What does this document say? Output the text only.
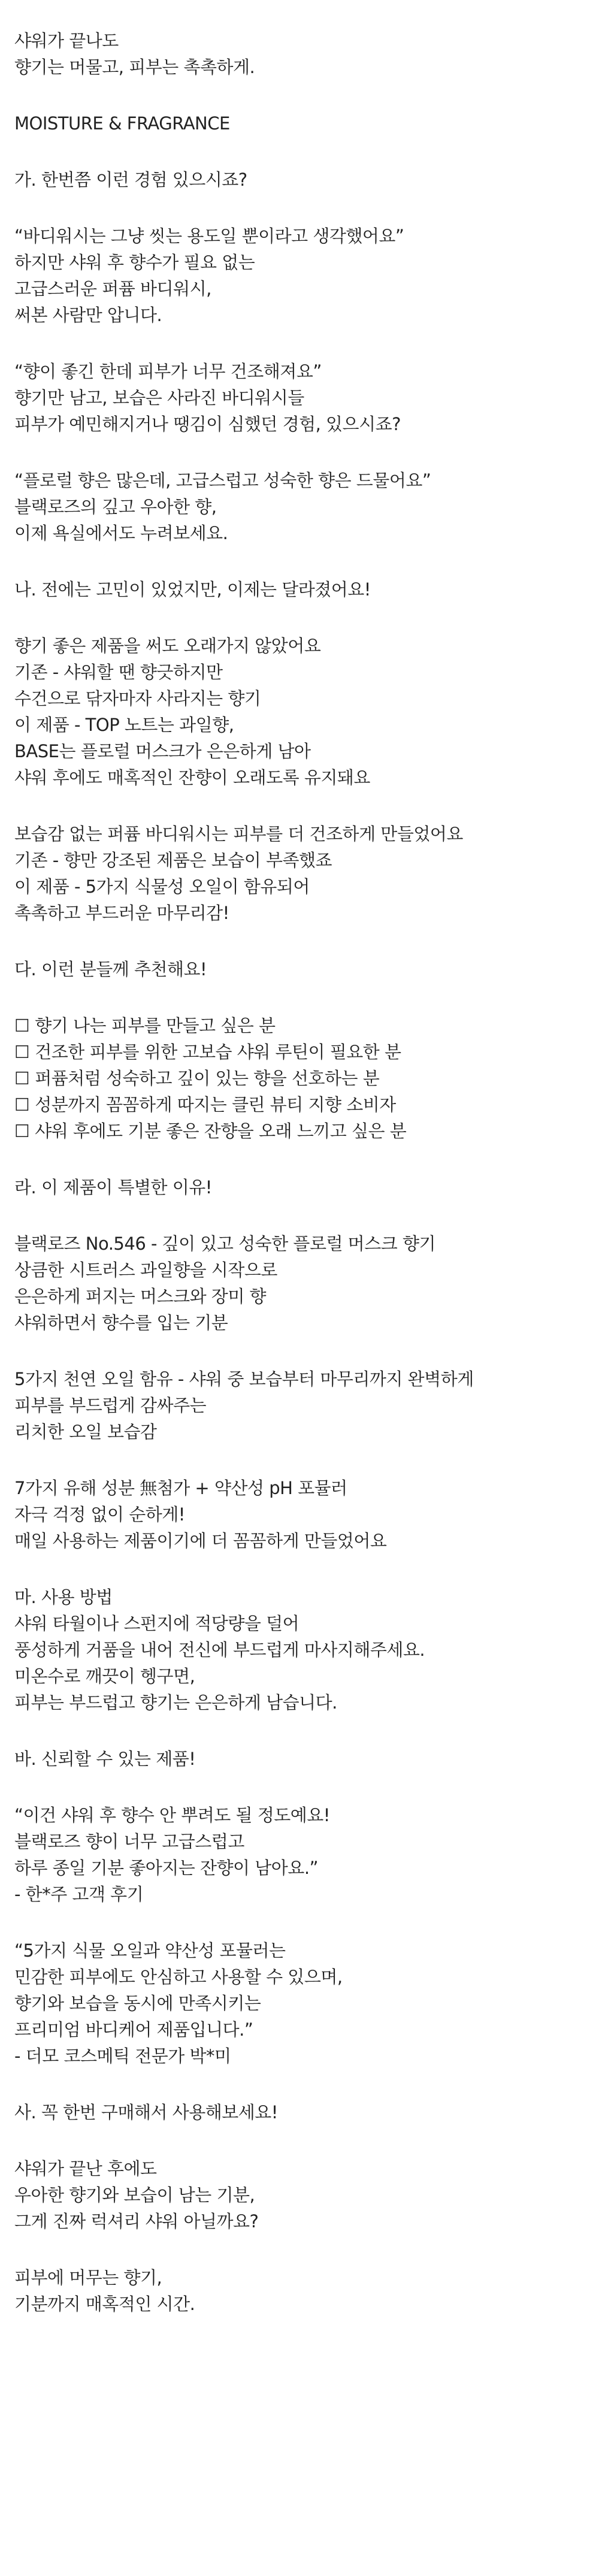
샤워가 끝나도
향기는 머물고, 피부는 촉촉하게.
MOISTURE & FRAGRANCE
가. 한번쯤 이런 경험 있으시죠?
“바디워시는 그냥 씻는 용도일 뿐이라고 생각했어요”
하지만 샤워 후 향수가 필요 없는
고급스러운 퍼퓸 바디워시,
써본 사람만 압니다.
“향이 좋긴 한데 피부가 너무 건조해져요”
향기만 남고, 보습은 사라진 바디워시들
피부가 예민해지거나 땡김이 심했던 경험, 있으시죠?
“플로럴 향은 많은데, 고급스럽고 성숙한 향은 드물어요”
블랙로즈의 깊고 우아한 향,
이제 욕실에서도 누려보세요.
나. 전에는 고민이 있었지만, 이제는 달라졌어요!
향기 좋은 제품을 써도 오래가지 않았어요
기존 - 샤워할 땐 향긋하지만
수건으로 닦자마자 사라지는 향기
이 제품 - TOP 노트는 과일향,
BASE는 플로럴 머스크가 은은하게 남아
샤워 후에도 매혹적인 잔향이 오래도록 유지돼요
보습감 없는 퍼퓸 바디워시는 피부를 더 건조하게 만들었어요
기존 - 향만 강조된 제품은 보습이 부족했죠
이 제품 - 5가지 식물성 오일이 함유되어
촉촉하고 부드러운 마무리감!
다. 이런 분들께 추천해요!
☐ 향기 나는 피부를 만들고 싶은 분
☐ 건조한 피부를 위한 고보습 샤워 루틴이 필요한 분
☐ 퍼퓸처럼 성숙하고 깊이 있는 향을 선호하는 분
☐ 성분까지 꼼꼼하게 따지는 클린 뷰티 지향 소비자
☐ 샤워 후에도 기분 좋은 잔향을 오래 느끼고 싶은 분
라. 이 제품이 특별한 이유!
블랙로즈 No.546 - 깊이 있고 성숙한 플로럴 머스크 향기
상큼한 시트러스 과일향을 시작으로
은은하게 퍼지는 머스크와 장미 향
샤워하면서 향수를 입는 기분
5가지 천연 오일 함유 - 샤워 중 보습부터 마무리까지 완벽하게
피부를 부드럽게 감싸주는
리치한 오일 보습감
7가지 유해 성분 無첨가 + 약산성 pH 포뮬러
자극 걱정 없이 순하게!
매일 사용하는 제품이기에 더 꼼꼼하게 만들었어요
마. 사용 방법
샤워 타월이나 스펀지에 적당량을 덜어
풍성하게 거품을 내어 전신에 부드럽게 마사지해주세요.
미온수로 깨끗이 헹구면,
피부는 부드럽고 향기는 은은하게 남습니다.
바. 신뢰할 수 있는 제품!
“이건 샤워 후 향수 안 뿌려도 될 정도예요!
블랙로즈 향이 너무 고급스럽고
하루 종일 기분 좋아지는 잔향이 남아요.”
- 한*주 고객 후기
“5가지 식물 오일과 약산성 포뮬러는
민감한 피부에도 안심하고 사용할 수 있으며,
향기와 보습을 동시에 만족시키는
프리미엄 바디케어 제품입니다.”
- 더모 코스메틱 전문가 박*미
사. 꼭 한번 구매해서 사용해보세요!
샤워가 끝난 후에도
우아한 향기와 보습이 남는 기분,
그게 진짜 럭셔리 샤워 아닐까요?
피부에 머무는 향기,
기분까지 매혹적인 시간.
